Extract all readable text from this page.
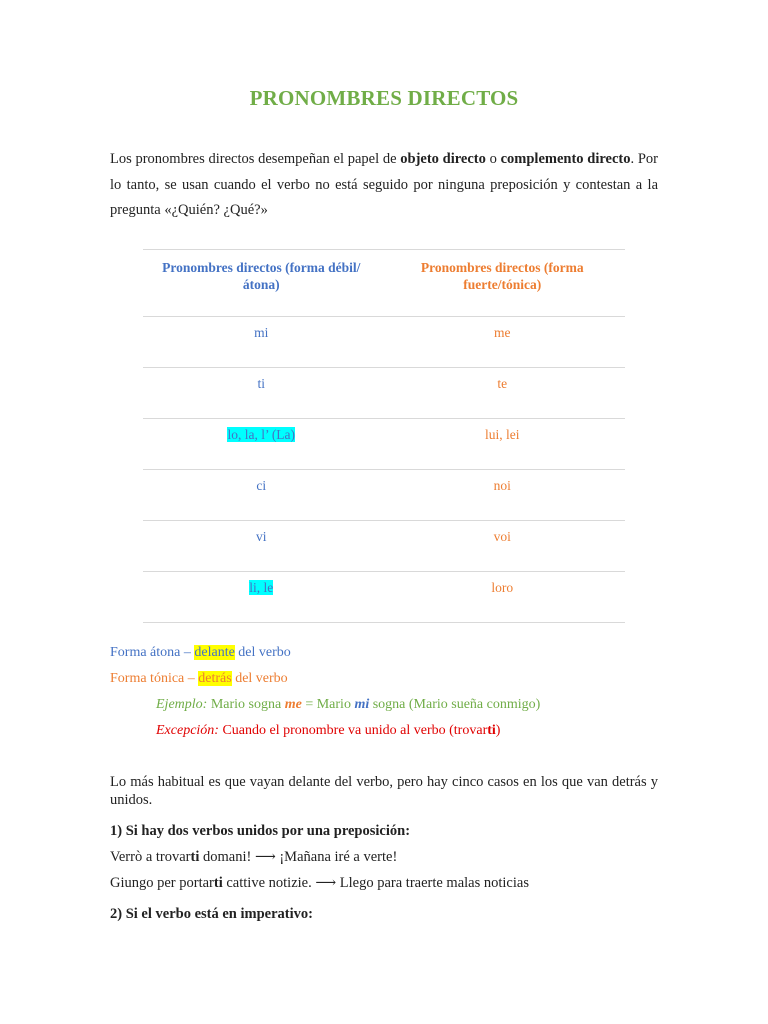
PRONOMBRES DIRECTOS
Los pronombres directos desempeñan el papel de objeto directo o complemento directo. Por lo tanto, se usan cuando el verbo no está seguido por ninguna preposición y contestan a la pregunta «¿Quién? ¿Qué?»
Pronombres directos (forma débil/átona)	Pronombres directos (forma fuerte/tónica)
mi	me
ti	te
lo, la, l’ (La)	lui, lei
ci	noi
vi	voi
li, le	loro
Forma átona – delante del verbo
Forma tónica – detrás del verbo
Ejemplo: Mario sogna me = Mario mi sogna (Mario sueña conmigo)
Excepción: Cuando el pronombre va unido al verbo (trovarti)
Lo más habitual es que vayan delante del verbo, pero hay cinco casos en los que van detrás y unidos.
1) Si hay dos verbos unidos por una preposición:
Verrò a trovarti domani! ⟶ ¡Mañana iré a verte!
Giungo per portarti cattive notizie. ⟶ Llego para traerte malas noticias
2) Si el verbo está en imperativo:
